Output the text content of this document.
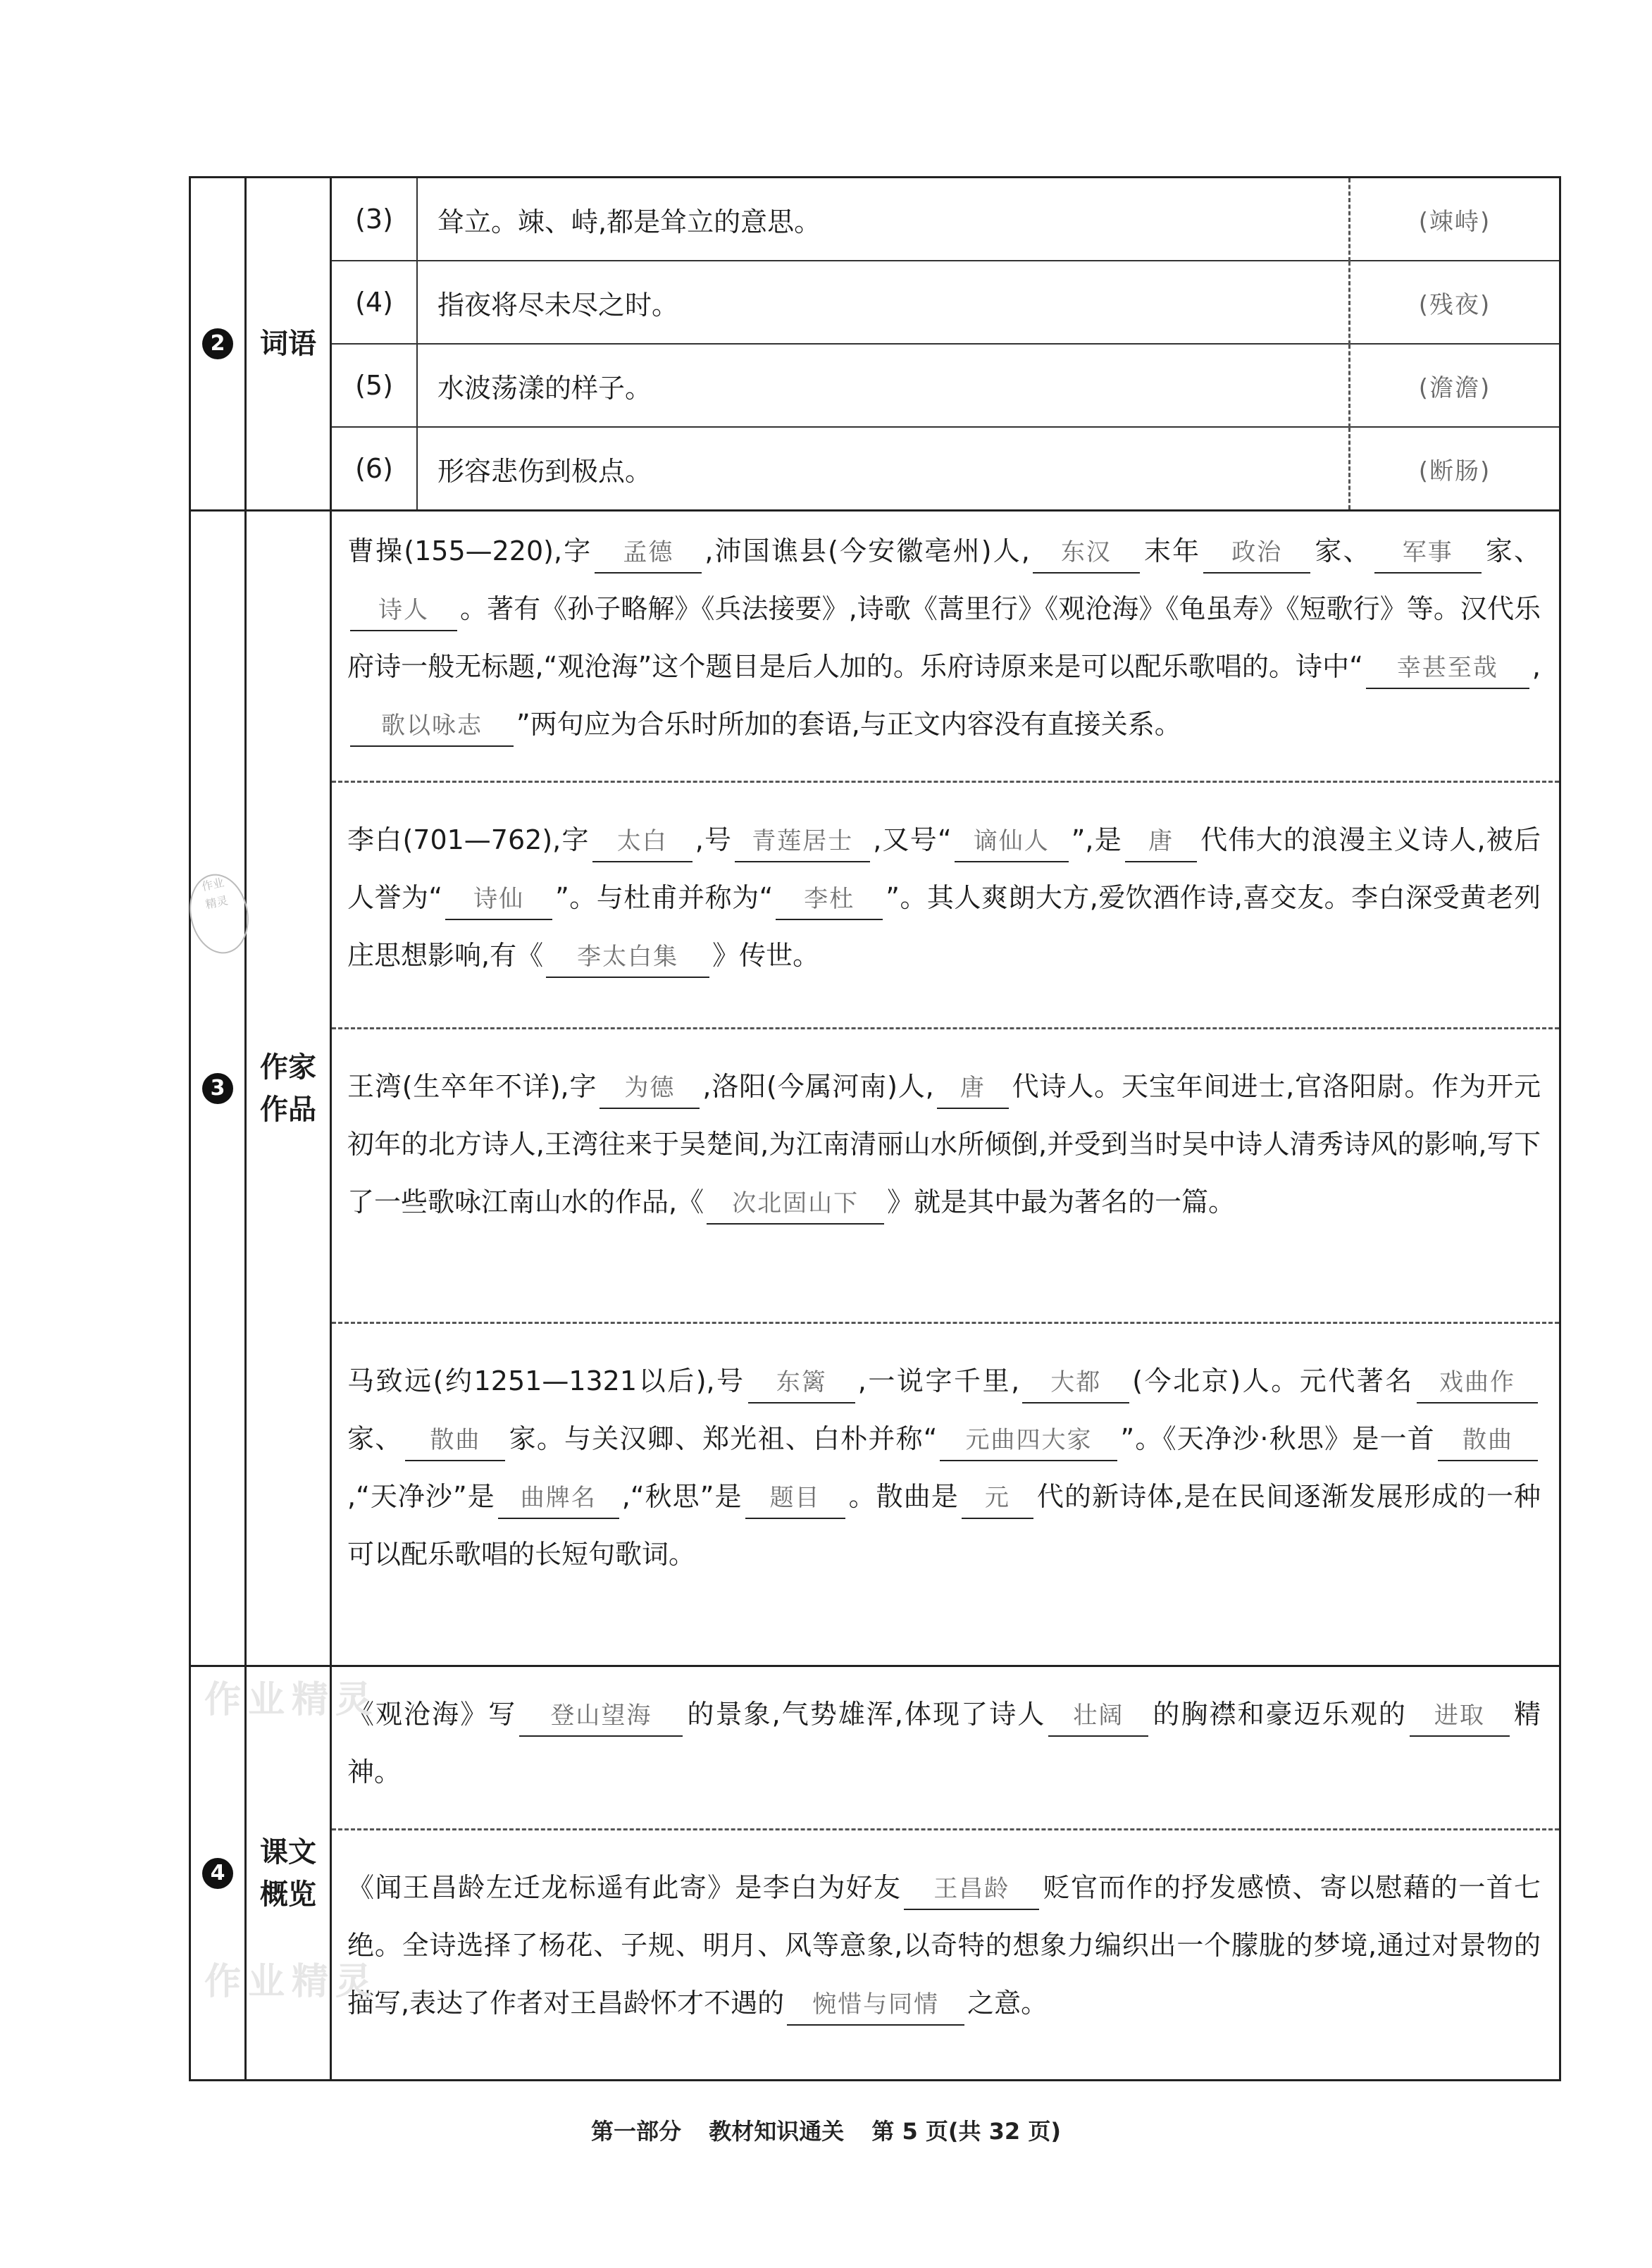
2	词语	
(3)	耸立。竦、峙,都是耸立的意思。	(竦峙)
(4)	指夜将尽未尽之时。	(残夜)
(5)	水波荡漾的样子。	(澹澹)
(6)	形容悲伤到极点。	(断肠)

3	
作家
作品

曹操(155—220),字 孟德 ,沛国谯县(今安徽亳州)人, 东汉 末年 政治 家、 军事 家、诗人 。著有《孙子略解》《兵法接要》,诗歌《蒿里行》《观沧海》《龟虽寿》《短歌行》等。汉代乐府诗一般无标题,“观沧海”这个题目是后人加的。乐府诗原来是可以配乐歌唱的。诗中“ 幸甚至哉 ,歌以咏志 ”两句应为合乐时所加的套语,与正文内容没有直接关系。
李白(701—762),字 太白 ,号 青莲居士 ,又号“ 谪仙人 ”,是 唐 代伟大的浪漫主义诗人,被后人誉为“ 诗仙 ”。与杜甫并称为“ 李杜 ”。其人爽朗大方,爱饮酒作诗,喜交友。李白深受黄老列庄思想影响,有《 李太白集 》传世。
王湾(生卒年不详),字 为德 ,洛阳(今属河南)人, 唐 代诗人。天宝年间进士,官洛阳尉。作为开元初年的北方诗人,王湾往来于吴楚间,为江南清丽山水所倾倒,并受到当时吴中诗人清秀诗风的影响,写下了一些歌咏江南山水的作品,《 次北固山下 》就是其中最为著名的一篇。
马致远(约1251—1321以后),号 东篱 ,一说字千里, 大都 (今北京)人。元代著名 戏曲作家、 散曲 家。与关汉卿、郑光祖、白朴并称“ 元曲四大家 ”。《天净沙·秋思》是一首 散曲,“天净沙”是 曲牌名 ,“秋思”是 题目 。散曲是 元 代的新诗体,是在民间逐渐发展形成的一种可以配乐歌唱的长短句歌词。

4	
课文
概览

《观沧海》写 登山望海 的景象,气势雄浑,体现了诗人 壮阔 的胸襟和豪迈乐观的 进取 精神。
《闻王昌龄左迁龙标遥有此寄》是李白为好友 王昌龄 贬官而作的抒发感愤、寄以慰藉的一首七绝。全诗选择了杨花、子规、明月、风等意象,以奇特的想象力编织出一个朦胧的梦境,通过对景物的描写,表达了作者对王昌龄怀才不遇的 惋惜与同情 之意。
作业
精灵
作业精灵
作业精灵
第一部分 教材知识通关 第 5 页(共 32 页)
